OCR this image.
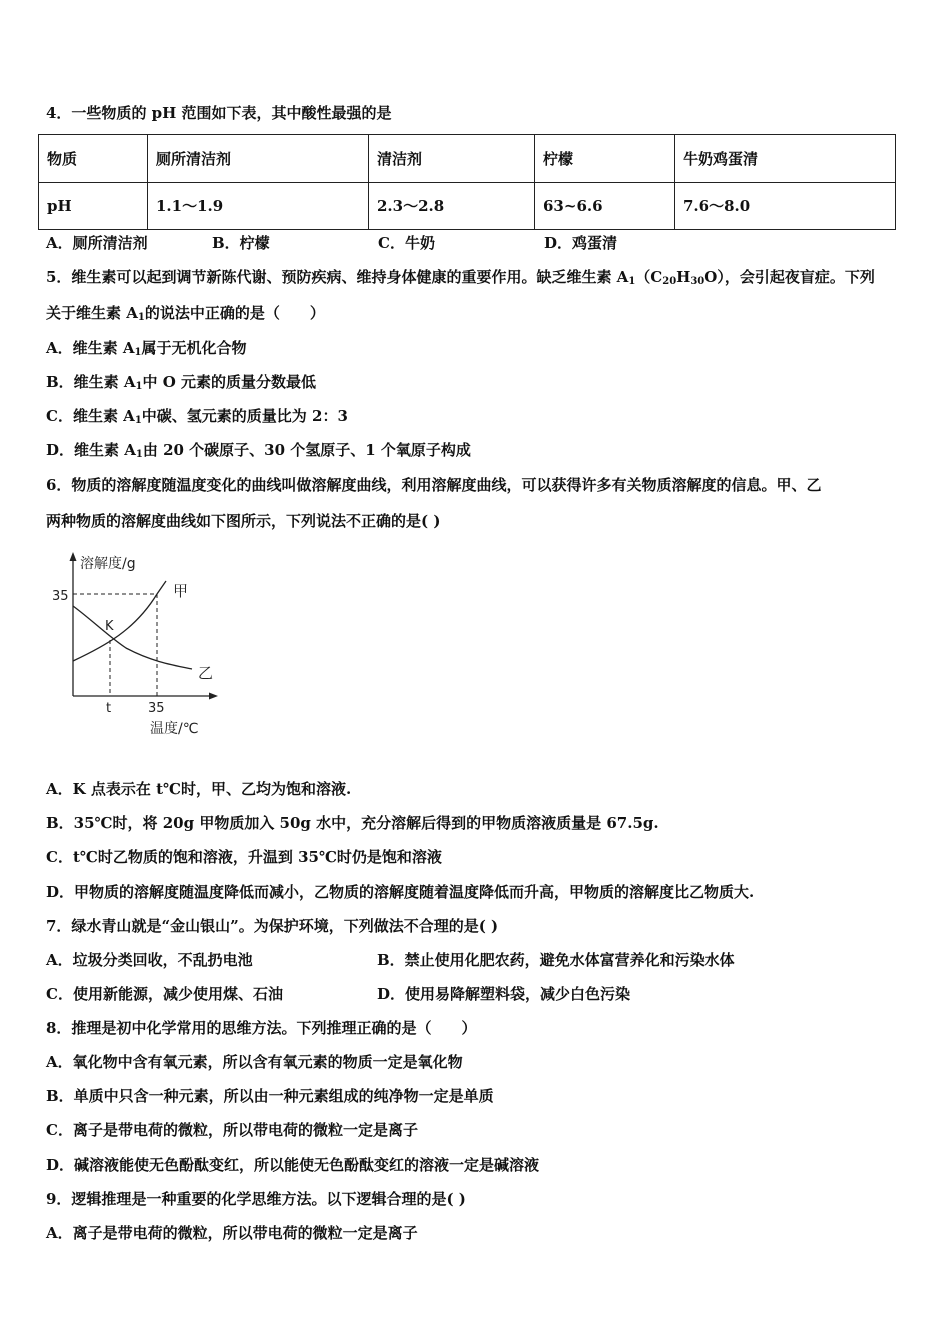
4．一些物质的 pH 范围如下表，其中酸性最强的是
物质	厕所清洁剂	清洁剂	柠檬	牛奶鸡蛋清
pH	1.1～1.9	2.3～2.8	63~6.6	7.6～8.0
A．厕所清洁剂	B．柠檬	C．牛奶	D．鸡蛋清
5．维生素可以起到调节新陈代谢、预防疾病、维持身体健康的重要作用。缺乏维生素 $A_1(C_{20}H_{30}O)$，会引起夜盲症。下列
关于维生素 $A_1$的说法中正确的是（　　）
A．维生素 $A_1$属于无机化合物
B．维生素 $A_1$中 O 元素的质量分数最低
C．维生素 $A_1$中碳、氢元素的质量比为 2：3
D．维生素 $A_1$由 20 个碳原子、30 个氢原子、1 个氧原子构成
6．物质的溶解度随温度变化的曲线叫做溶解度曲线，利用溶解度曲线，可以获得许多有关物质溶解度的信息。甲、乙
两种物质的溶解度曲线如下图所示，下列说法不正确的是( )
溶解度/g
35
K
甲
乙
t	35
温度/℃
A．K 点表示在 t℃时，甲、乙均为饱和溶液.
B．35℃时，将 20g 甲物质加入 50g 水中，充分溶解后得到的甲物质溶液质量是 67.5g.
C．t℃时乙物质的饱和溶液，升温到 35℃时仍是饱和溶液
D．甲物质的溶解度随温度降低而减小，乙物质的溶解度随着温度降低而升高，甲物质的溶解度比乙物质大.
7．绿水青山就是“金山银山”。为保护环境，下列做法不合理的是( )
A．垃圾分类回收，不乱扔电池	B．禁止使用化肥农药，避免水体富营养化和污染水体
C．使用新能源，减少使用煤、石油	D．使用易降解塑料袋，减少白色污染
8．推理是初中化学常用的思维方法。下列推理正确的是（　　）
A．氧化物中含有氧元素，所以含有氧元素的物质一定是氧化物
B．单质中只含一种元素，所以由一种元素组成的纯净物一定是单质
C．离子是带电荷的微粒，所以带电荷的微粒一定是离子
D．碱溶液能使无色酚酞变红，所以能使无色酚酞变红的溶液一定是碱溶液
9．逻辑推理是一种重要的化学思维方法。以下逻辑合理的是( )
A．离子是带电荷的微粒，所以带电荷的微粒一定是离子
